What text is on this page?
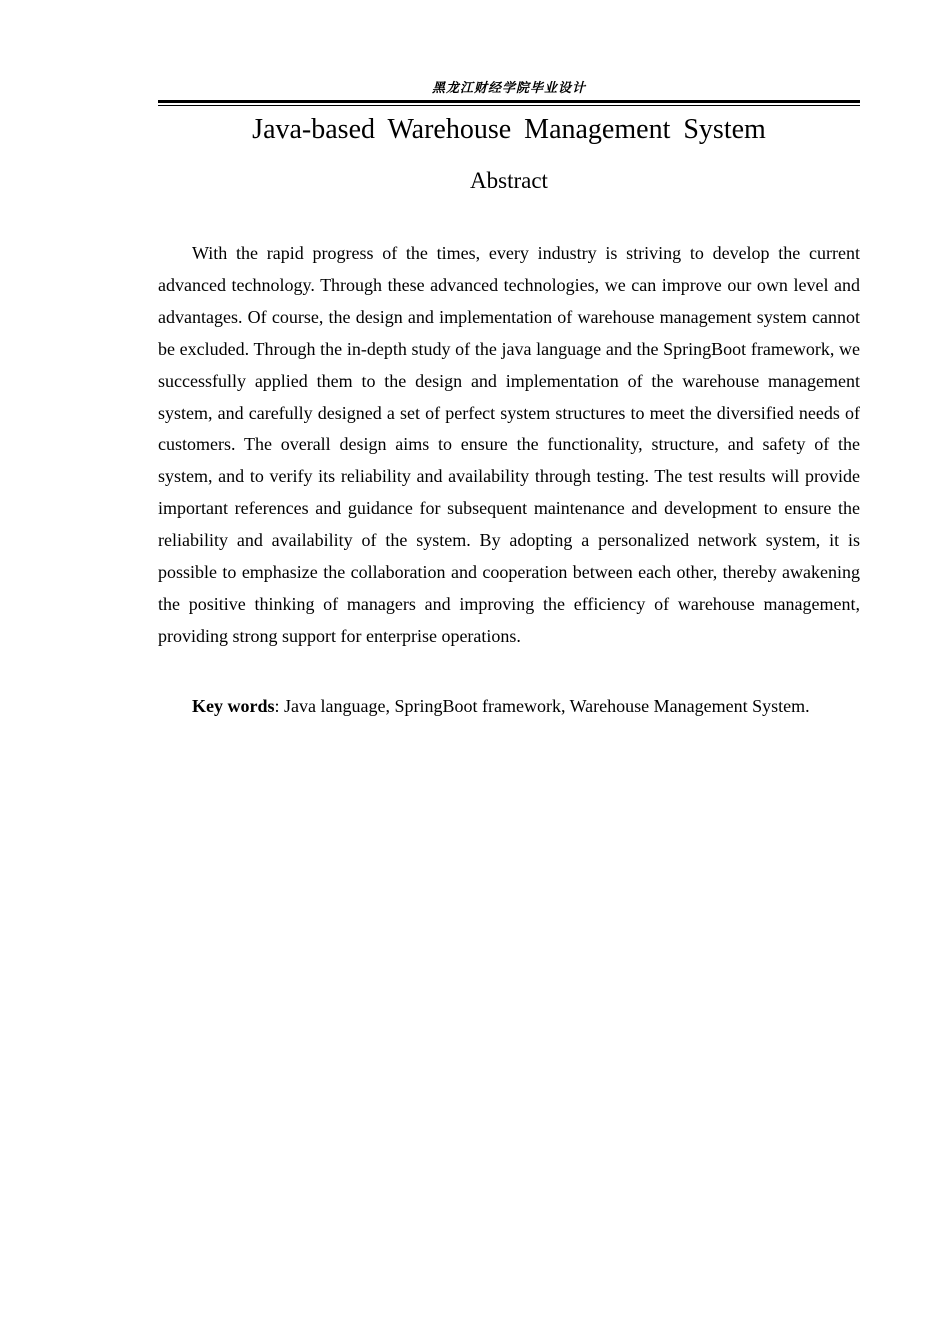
黑龙江财经学院毕业设计
Java-based Warehouse Management System
Abstract

With the rapid progress of the times, every industry is striving to develop the current advanced technology. Through these advanced technologies, we can improve our own level and advantages. Of course, the design and implementation of warehouse management system cannot be excluded. Through the in-depth study of the java language and the SpringBoot framework, we successfully applied them to the design and implementation of the warehouse management system, and carefully designed a set of perfect system structures to meet the diversified needs of customers. The overall design aims to ensure the functionality, structure, and safety of the system, and to verify its reliability and availability through testing. The test results will provide important references and guidance for subsequent maintenance and development to ensure the reliability and availability of the system. By adopting a personalized network system, it is possible to emphasize the collaboration and cooperation between each other, thereby awakening the positive thinking of managers and improving the efficiency of warehouse management, providing strong support for enterprise operations.

Key words: Java language, SpringBoot framework, Warehouse Management System.
